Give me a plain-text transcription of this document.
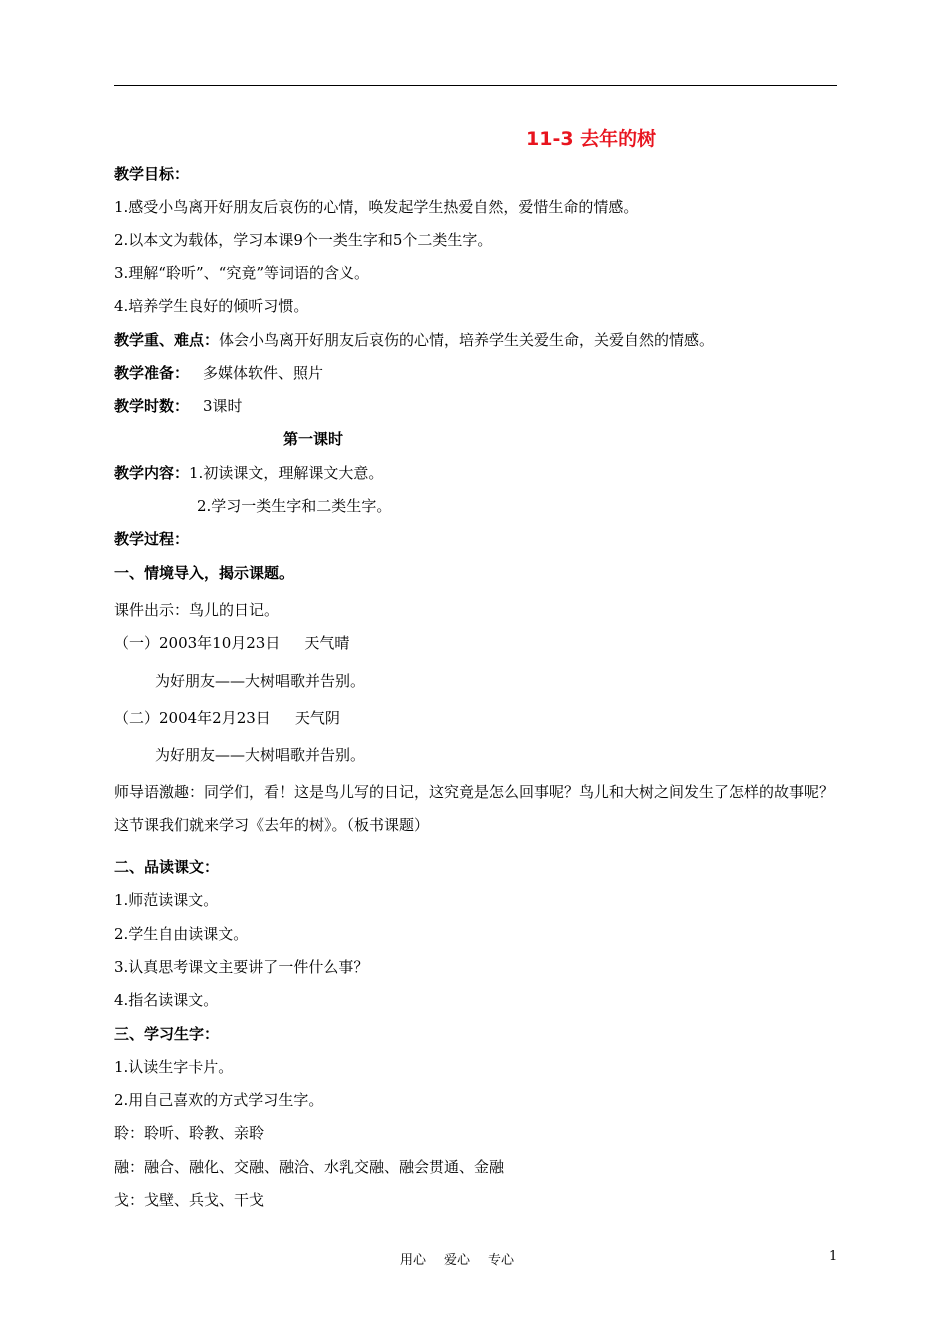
11-3 去年的树
教学目标：
1.感受小鸟离开好朋友后哀伤的心情，唤发起学生热爱自然，爱惜生命的情感。
2.以本文为载体，学习本课9个一类生字和5个二类生字。
3.理解“聆听”、“究竟”等词语的含义。
4.培养学生良好的倾听习惯。
教学重、难点：体会小鸟离开好朋友后哀伤的心情，培养学生关爱生命，关爱自然的情感。
教学准备： 多媒体软件、照片
教学时数： 3课时
第一课时
教学内容：1.初读课文，理解课文大意。
2.学习一类生字和二类生字。
教学过程：
一、情境导入，揭示课题。
课件出示：鸟儿的日记。
（一）2003年10月23日 天气晴
为好朋友——大树唱歌并告别。
（二）2004年2月23日 天气阴
为好朋友——大树唱歌并告别。
师导语激趣：同学们，看！这是鸟儿写的日记，这究竟是怎么回事呢？鸟儿和大树之间发生了怎样的故事呢？这节课我们就来学习《去年的树》。（板书课题）
二、品读课文：
1.师范读课文。
2.学生自由读课文。
3.认真思考课文主要讲了一件什么事？
4.指名读课文。
三、学习生字：
1.认读生字卡片。
2.用自己喜欢的方式学习生字。
聆：聆听、聆教、亲聆
融：融合、融化、交融、融洽、水乳交融、融会贯通、金融
戈：戈壁、兵戈、干戈
用心 爱心 专心	1
